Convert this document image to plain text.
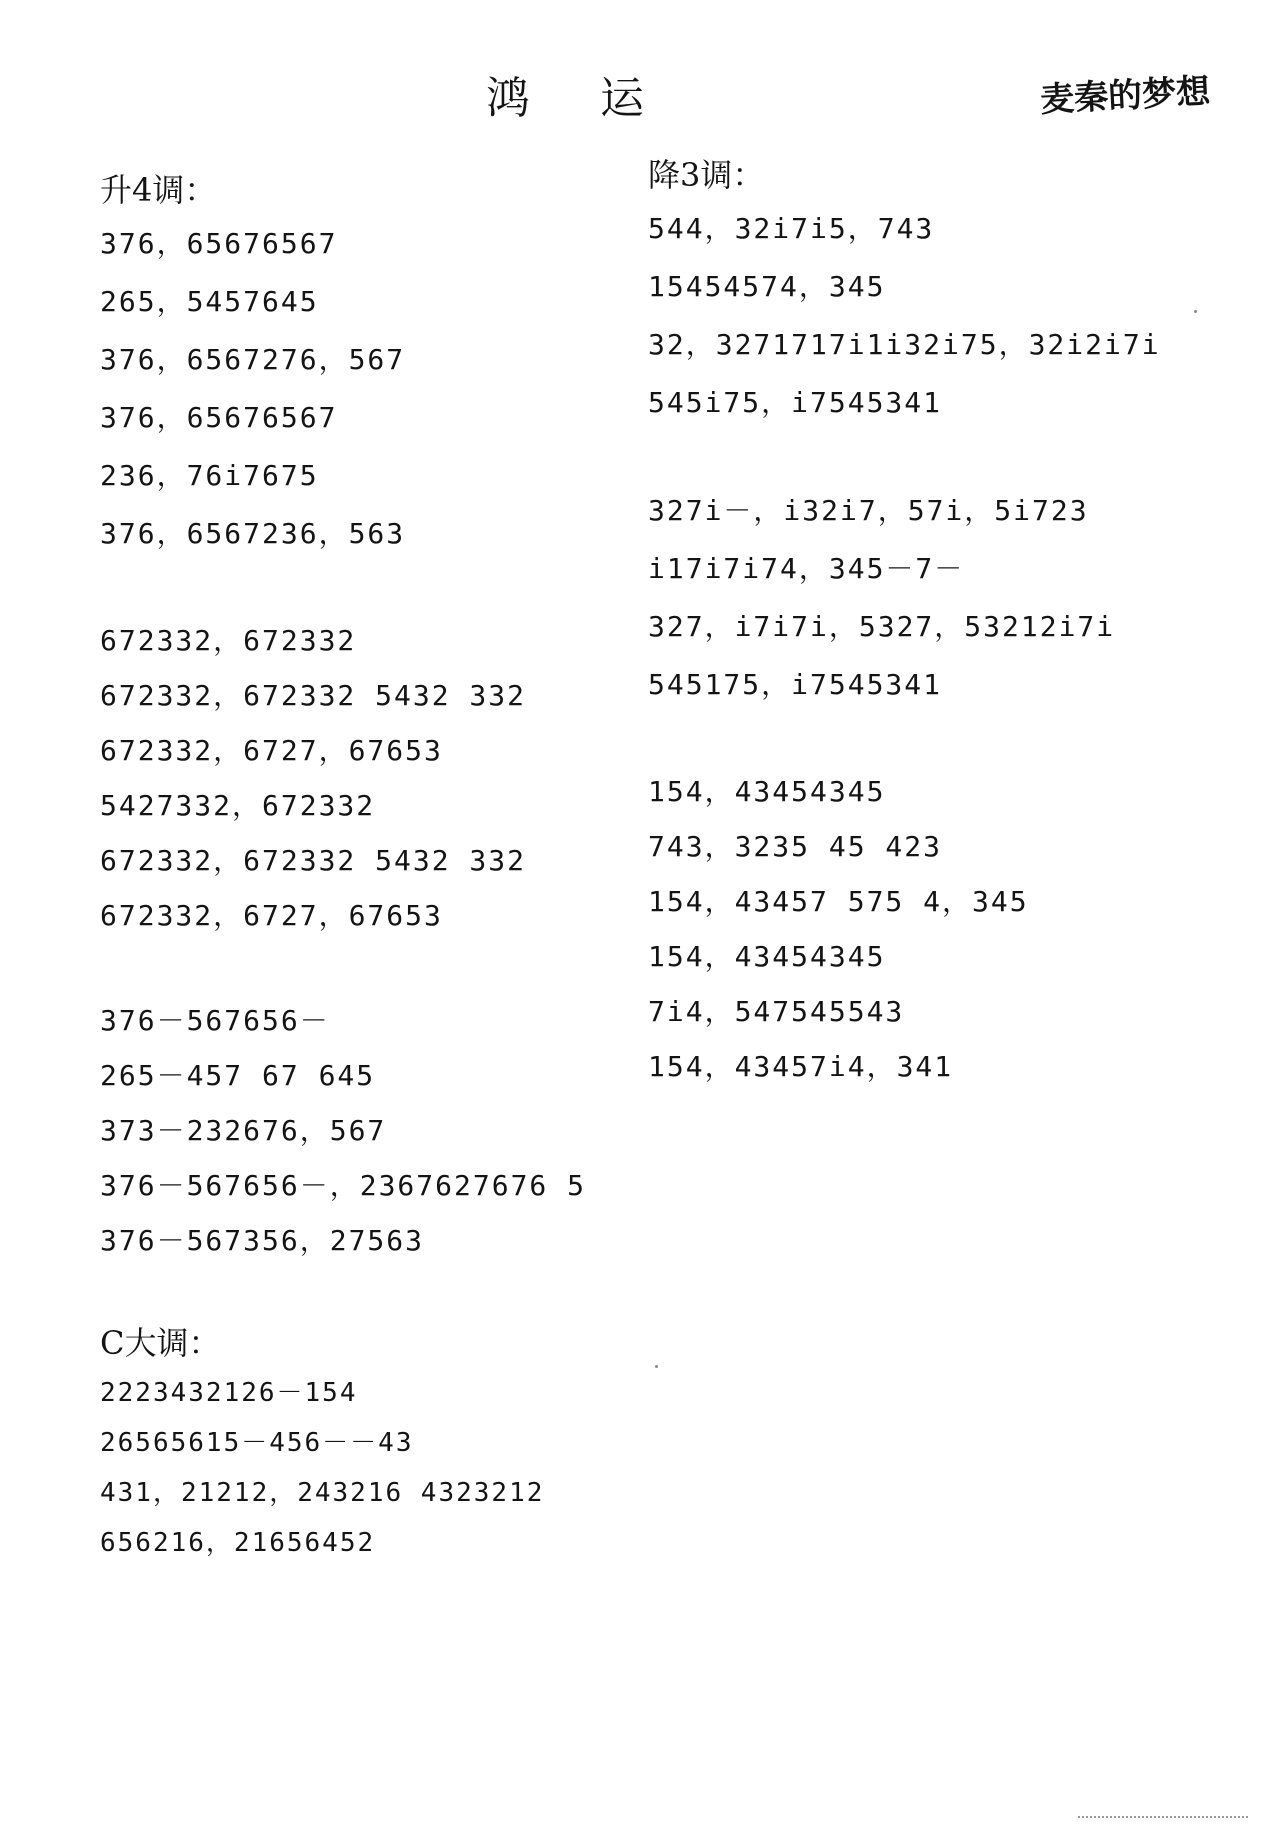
鸿 运	麦秦的梦想
升4调：
376，65676567
265，5457645
376，6567276，567
376，65676567
236，76i7675
376，6567236，563
672332，672332
672332，672332 5432 332
672332，6727，67653
5427332，672332
672332，672332 5432 332
672332，6727，67653
376－567656－
265－457 67 645
373－232676，567
376－567656－，2367627676 5
376－567356，27563
C大调：
2223432126－154
26565615－456－－43
431，21212，243216 4323212
656216，21656452
降3调：
544，32i7i5，743
15454574，345
32，3271717i1i32i75，32i2i7i
545i75，i7545341
327i－，i32i7，57i，5i723
i17i7i74，345－7－
327，i7i7i，5327，53212i7i
545175，i7545341
154，43454345
743，3235 45 423
154，43457 575 4，345
154，43454345
7i4，547545543
154，43457i4，341
